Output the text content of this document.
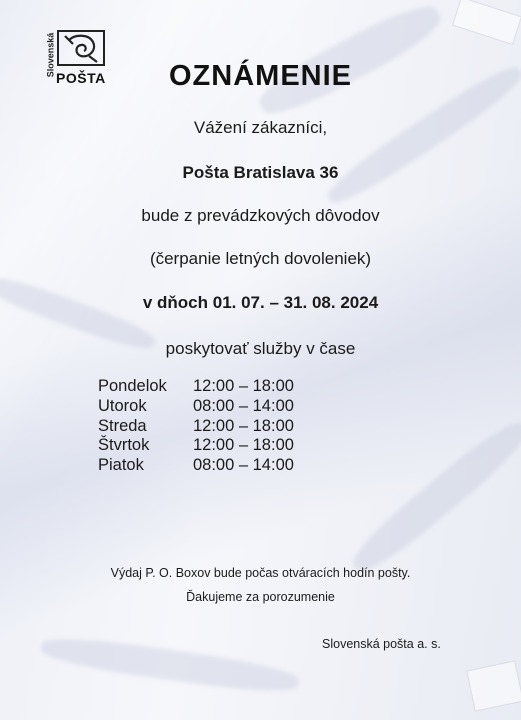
Slovenská
POŠTA	OZNÁMENIE
Vážení zákazníci,
Pošta Bratislava 36
bude z prevádzkových dôvodov
(čerpanie letných dovoleniek)
v dňoch 01. 07. – 31. 08. 2024
poskytovať služby v čase
Pondelok	12:00 – 18:00
Utorok	08:00 – 14:00
Streda	12:00 – 18:00
Štvrtok	12:00 – 18:00
Piatok	08:00 – 14:00
Výdaj P. O. Boxov bude počas otváracích hodín pošty.
Ďakujeme za porozumenie
Slovenská pošta a. s.
